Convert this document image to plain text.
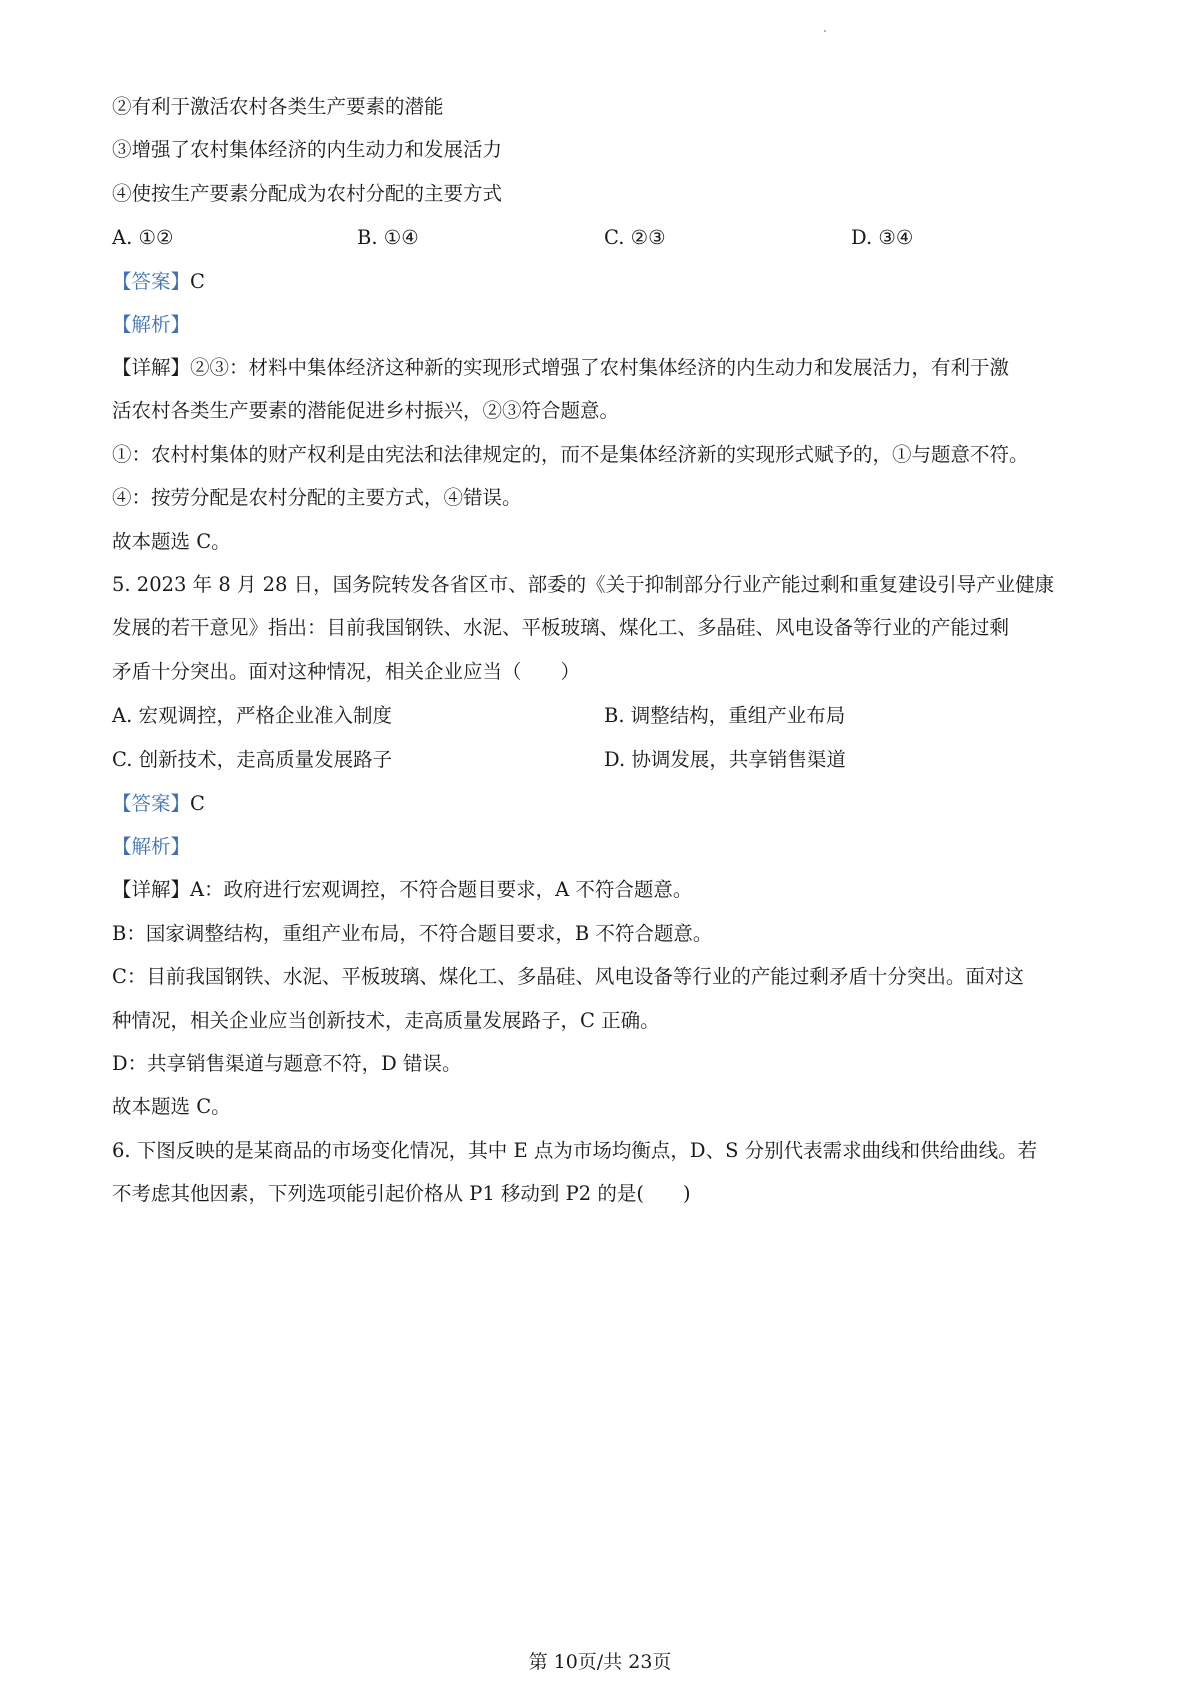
②有利于激活农村各类生产要素的潜能
③增强了农村集体经济的内生动力和发展活力
④使按生产要素分配成为农村分配的主要方式
A. ①②	B. ①④	C. ②③	D. ③④
【答案】C
【解析】
【详解】②③：材料中集体经济这种新的实现形式增强了农村集体经济的内生动力和发展活力，有利于激
活农村各类生产要素的潜能促进乡村振兴，②③符合题意。
①：农村村集体的财产权利是由宪法和法律规定的，而不是集体经济新的实现形式赋予的，①与题意不符。
④：按劳分配是农村分配的主要方式，④错误。
故本题选 C。
5. 2023 年 8 月 28 日，国务院转发各省区市、部委的《关于抑制部分行业产能过剩和重复建设引导产业健康
发展的若干意见》指出：目前我国钢铁、水泥、平板玻璃、煤化工、多晶硅、风电设备等行业的产能过剩
矛盾十分突出。面对这种情况，相关企业应当（　　）
A. 宏观调控，严格企业准入制度	B. 调整结构，重组产业布局
C. 创新技术，走高质量发展路子	D. 协调发展，共享销售渠道
【答案】C
【解析】
【详解】A：政府进行宏观调控，不符合题目要求，A 不符合题意。
B：国家调整结构，重组产业布局，不符合题目要求，B 不符合题意。
C：目前我国钢铁、水泥、平板玻璃、煤化工、多晶硅、风电设备等行业的产能过剩矛盾十分突出。面对这
种情况，相关企业应当创新技术，走高质量发展路子，C 正确。
D：共享销售渠道与题意不符，D 错误。
故本题选 C。
6. 下图反映的是某商品的市场变化情况，其中 E 点为市场均衡点，D、S 分别代表需求曲线和供给曲线。若
不考虑其他因素，下列选项能引起价格从 P1 移动到 P2 的是(　　)
第 10页/共 23页
